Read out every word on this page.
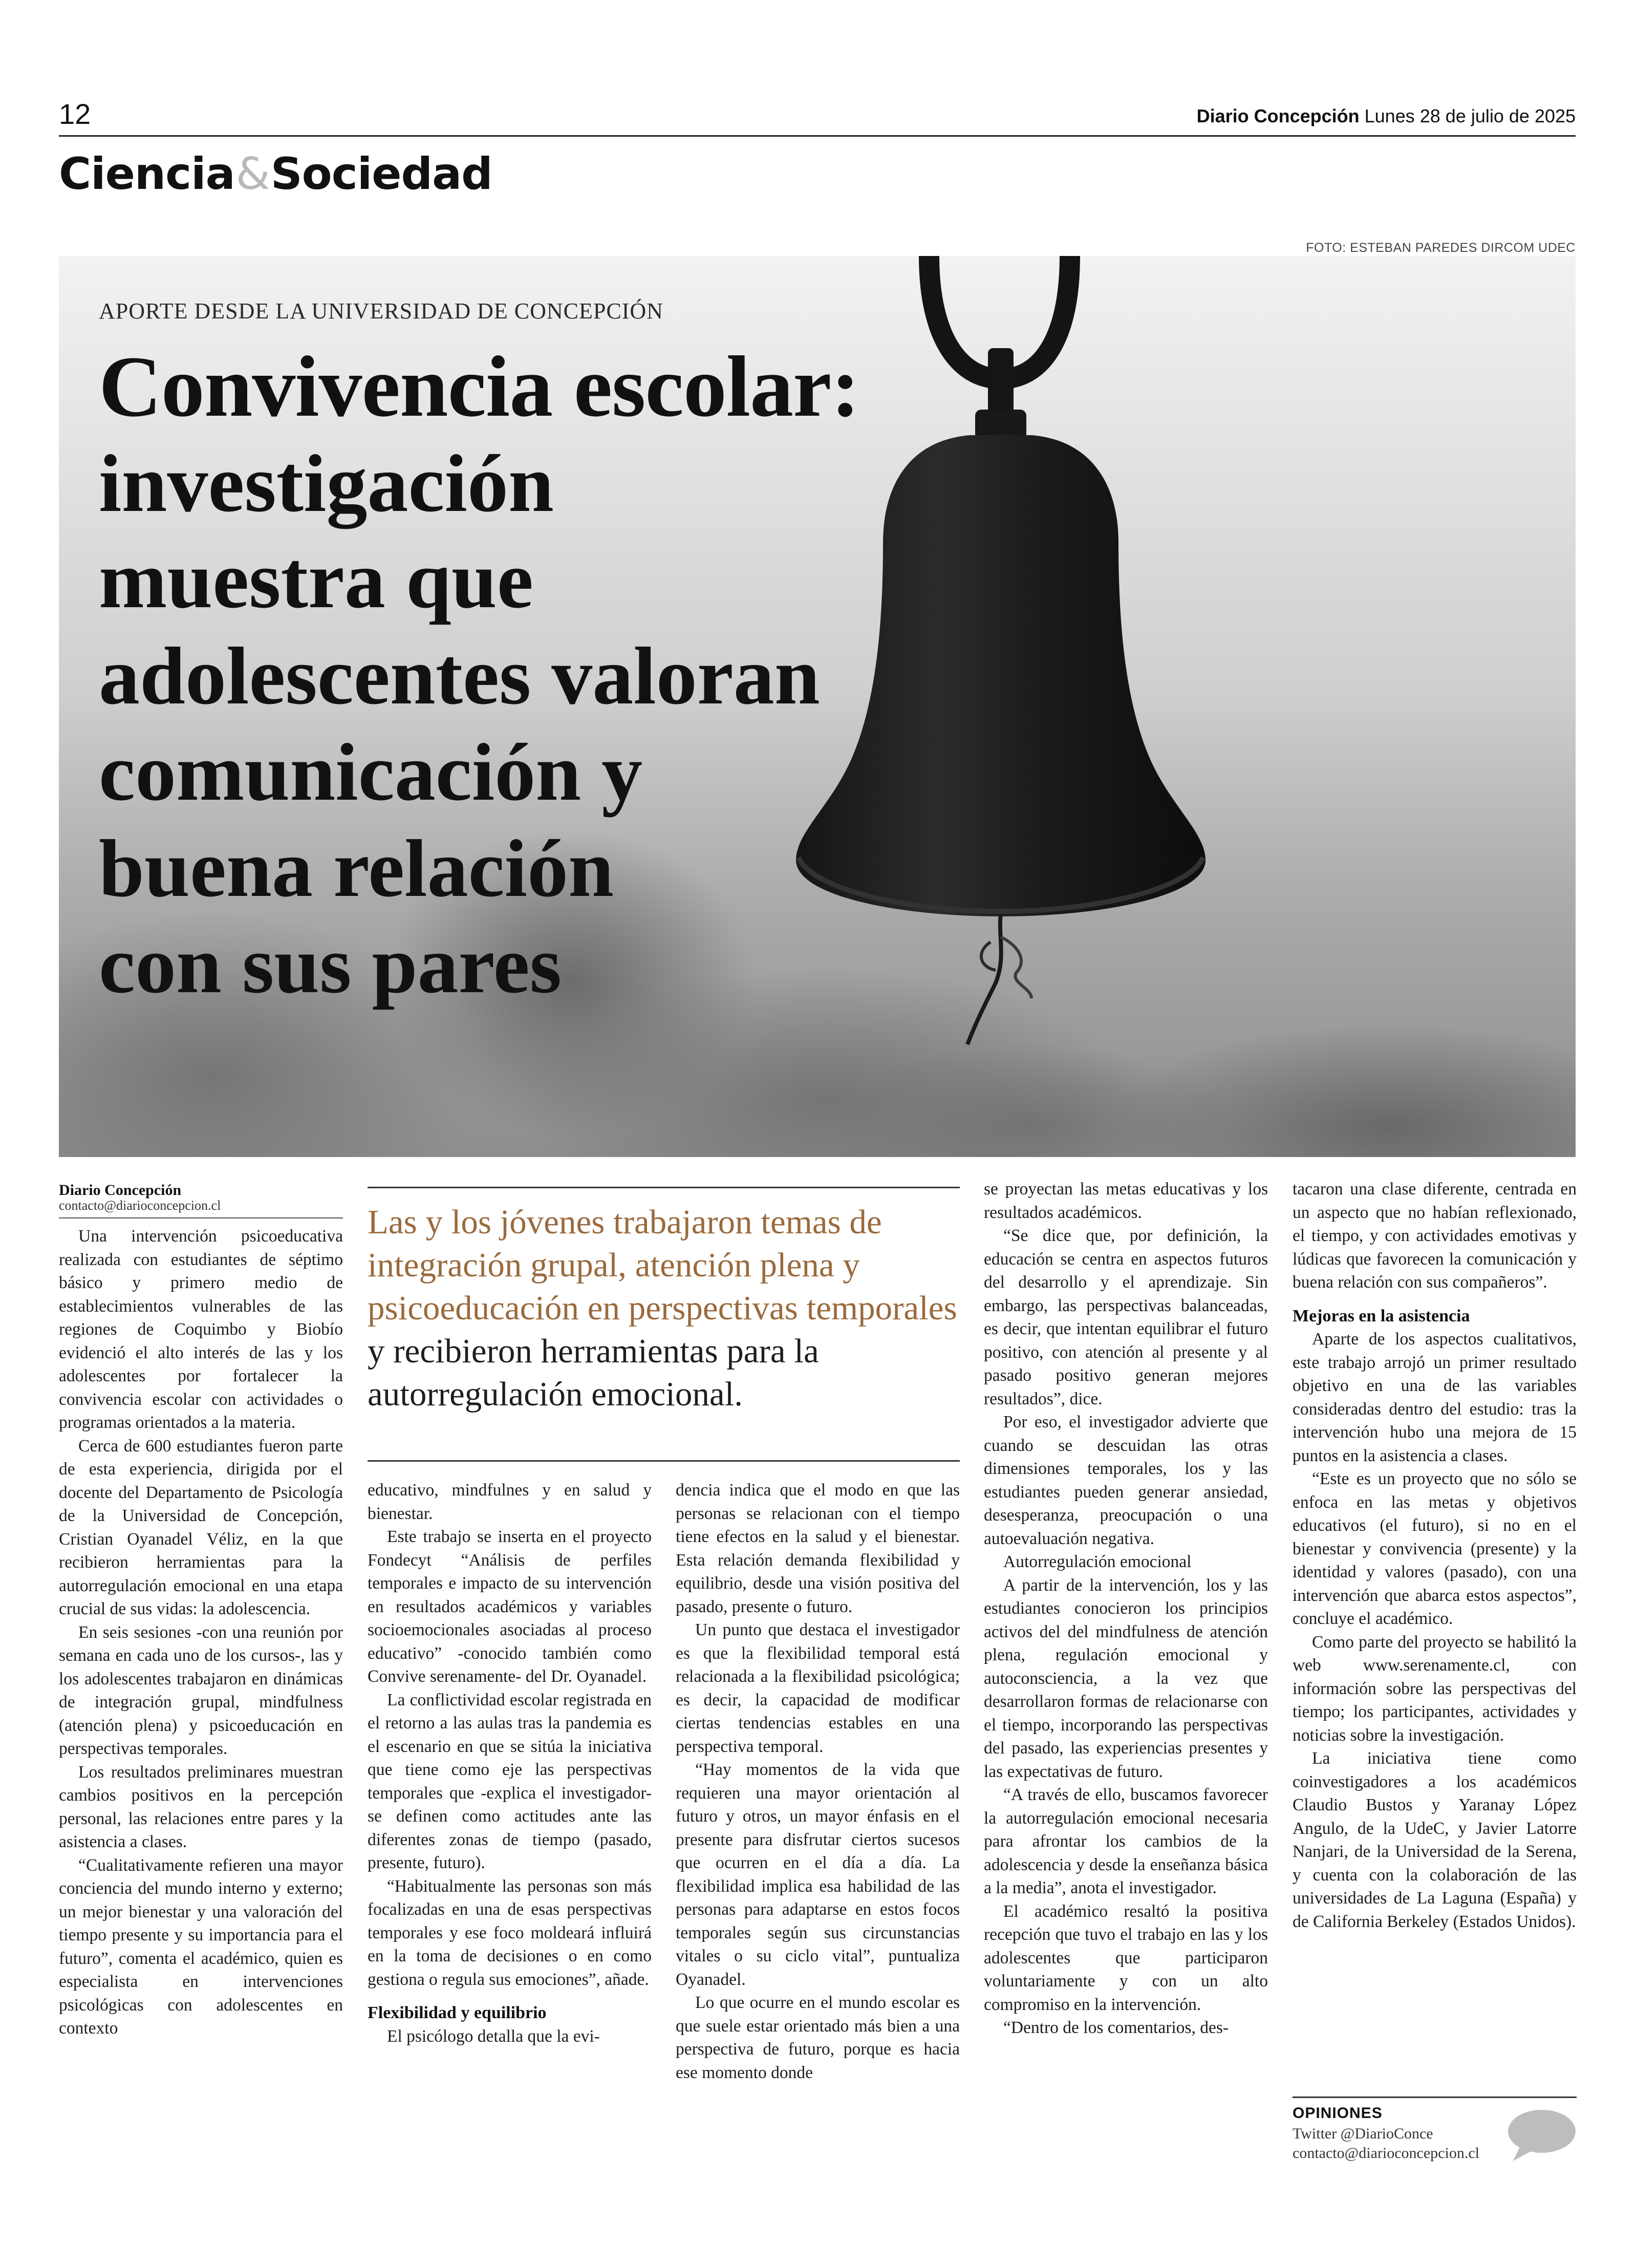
12	Diario Concepción Lunes 28 de julio de 2025
Ciencia&Sociedad
FOTO: ESTEBAN PAREDES DIRCOM UDEC
APORTE DESDE LA UNIVERSIDAD DE CONCEPCIÓN
Convivencia escolar:
investigación
muestra que
adolescentes valoran
comunicación y
buena relación
con sus pares
Diario Concepción
contacto@diarioconcepcion.cl

Una intervención psicoeducativa realizada con estudiantes de séptimo básico y primero medio de establecimientos vulnerables de las regiones de Coquimbo y Biobío evidenció el alto interés de las y los adolescentes por fortalecer la convivencia escolar con actividades o programas orientados a la materia.

Cerca de 600 estudiantes fueron parte de esta experiencia, dirigida por el docente del Departamento de Psicología de la Universidad de Concepción, Cristian Oyanadel Véliz, en la que recibieron herramientas para la autorregulación emocional en una etapa crucial de sus vidas: la adolescencia.

En seis sesiones -con una reunión por semana en cada uno de los cursos-, las y los adolescentes trabajaron en dinámicas de integración grupal, mindfulness (atención plena) y psicoeducación en perspectivas temporales.

Los resultados preliminares muestran cambios positivos en la percepción personal, las relaciones entre pares y la asistencia a clases.

“Cualitativamente refieren una mayor conciencia del mundo interno y externo; un mejor bienestar y una valoración del tiempo presente y su importancia para el futuro”, comenta el académico, quien es especialista en intervenciones psicológicas con adolescentes en contexto

Las y los jóvenes trabajaron temas de integración grupal, atención plena y psicoeducación en perspectivas temporales y recibieron herramientas para la autorregulación emocional.

educativo, mindfulnes y en salud y bienestar.

Este trabajo se inserta en el proyecto Fondecyt “Análisis de perfiles temporales e impacto de su intervención en resultados académicos y variables socioemocionales asociadas al proceso educativo” -conocido también como Convive serenamente- del Dr. Oyanadel.

La conflictividad escolar registrada en el retorno a las aulas tras la pandemia es el escenario en que se sitúa la iniciativa que tiene como eje las perspectivas temporales que -explica el investigador- se definen como actitudes ante las diferentes zonas de tiempo (pasado, presente, futuro).

“Habitualmente las personas son más focalizadas en una de esas perspectivas temporales y ese foco moldeará influirá en la toma de decisiones o en como gestiona o regula sus emociones”, añade.

Flexibilidad y equilibrio

El psicólogo detalla que la evi-

dencia indica que el modo en que las personas se relacionan con el tiempo tiene efectos en la salud y el bienestar. Esta relación demanda flexibilidad y equilibrio, desde una visión positiva del pasado, presente o futuro.

Un punto que destaca el investigador es que la flexibilidad temporal está relacionada a la flexibilidad psicológica; es decir, la capacidad de modificar ciertas tendencias estables en una perspectiva temporal.

“Hay momentos de la vida que requieren una mayor orientación al futuro y otros, un mayor énfasis en el presente para disfrutar ciertos sucesos que ocurren en el día a día. La flexibilidad implica esa habilidad de las personas para adaptarse en estos focos temporales según sus circunstancias vitales o su ciclo vital”, puntualiza Oyanadel.

Lo que ocurre en el mundo escolar es que suele estar orientado más bien a una perspectiva de futuro, porque es hacia ese momento donde

se proyectan las metas educativas y los resultados académicos.

“Se dice que, por definición, la educación se centra en aspectos futuros del desarrollo y el aprendizaje. Sin embargo, las perspectivas balanceadas, es decir, que intentan equilibrar el futuro positivo, con atención al presente y al pasado positivo generan mejores resultados”, dice.

Por eso, el investigador advierte que cuando se descuidan las otras dimensiones temporales, los y las estudiantes pueden generar ansiedad, desesperanza, preocupación o una autoevaluación negativa.

Autorregulación emocional

A partir de la intervención, los y las estudiantes conocieron los principios activos del del mindfulness de atención plena, regulación emocional y autoconsciencia, a la vez que desarrollaron formas de relacionarse con el tiempo, incorporando las perspectivas del pasado, las experiencias presentes y las expectativas de futuro.

“A través de ello, buscamos favorecer la autorregulación emocional necesaria para afrontar los cambios de la adolescencia y desde la enseñanza básica a la media”, anota el investigador.

El académico resaltó la positiva recepción que tuvo el trabajo en las y los adolescentes que participaron voluntariamente y con un alto compromiso en la intervención.

“Dentro de los comentarios, des-

tacaron una clase diferente, centrada en un aspecto que no habían reflexionado, el tiempo, y con actividades emotivas y lúdicas que favorecen la comunicación y buena relación con sus compañeros”.

Mejoras en la asistencia

Aparte de los aspectos cualitativos, este trabajo arrojó un primer resultado objetivo en una de las variables consideradas dentro del estudio: tras la intervención hubo una mejora de 15 puntos en la asistencia a clases.

“Este es un proyecto que no sólo se enfoca en las metas y objetivos educativos (el futuro), si no en el bienestar y convivencia (presente) y la identidad y valores (pasado), con una intervención que abarca estos aspectos”, concluye el académico.

Como parte del proyecto se habilitó la web www.serenamente.cl, con información sobre las perspectivas del tiempo; los participantes, actividades y noticias sobre la investigación.

La iniciativa tiene como coinvestigadores a los académicos Claudio Bustos y Yaranay López Angulo, de la UdeC, y Javier Latorre Nanjari, de la Universidad de la Serena, y cuenta con la colaboración de las universidades de La Laguna (España) y de California Berkeley (Estados Unidos).

OPINIONES
Twitter @DiarioConce
contacto@diarioconcepcion.cl
